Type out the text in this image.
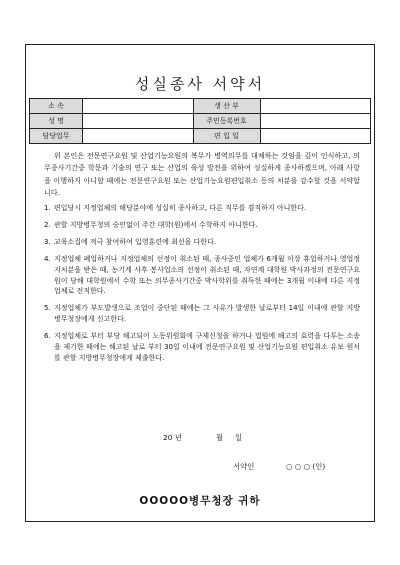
성실종사 서약서
소 속		생 산 부	
성 명		주민등록번호	
담당업무		편 입 일	

위 본인은 전문연구요원 및 산업기능요원의 복무가 병역의무를 대체하는 것임을 깊이 인식하고, 의무종사기간중 학문과 기술의 연구 또는 산업의 육성 발전을 위하여 성실하게 종사하겠으며, 아래 사항을 이행하지 아니할 때에는 전문연구요원 또는 산업기능요원편입취소 등의 처분을 감수할 것을 서약합니다.

1. 편입당시 지정업체의 해당분야에 성실히 종사하고, 다른 직무를 겸직하지 아니한다.
2. 관할 지방병무청의 승인없이 주간 대학(원)에서 수학하지 아니한다.
3. 교육소집에 적극 참여하여 입영훈련에 최선을 다한다.
4. 지정업체 폐업하거나 지정업체의 선정이 취소된 때, 종사중인 업체가 6개월 이상 휴업하거나 영업정지처분을 받은 때, 농기계 사후 봉사업소의 선정이 취소된 때, 자연계 대학원 박사과정의 전문연구요원이 당해 대학원에서 수학 또는 의무종사기간중 박사학위를 취득한 때에는 3개월 이내에 다른 지정업체로 전직한다.
5. 지정업체가 부도발생으로 조업이 중단된 때에는 그 사유가 발생한 날로부터 14일 이내에 관할 지방병무청장에게 신고한다.
6. 지정업체로 부터 부당 해고되어 노동위원회에 구제신청을 하거나 법원에 해고의 효력을 다투는 소송을 제기한 때에는 해고된 날로 부터 30일 이내에 전문연구요원 및 산업기능요원 편입취소 유보 원서를 관할 지방병무청장에게 제출한다.
20 년	월 일
서약인	○ ○ ○ (인)
OOOOO병무청장 귀하
